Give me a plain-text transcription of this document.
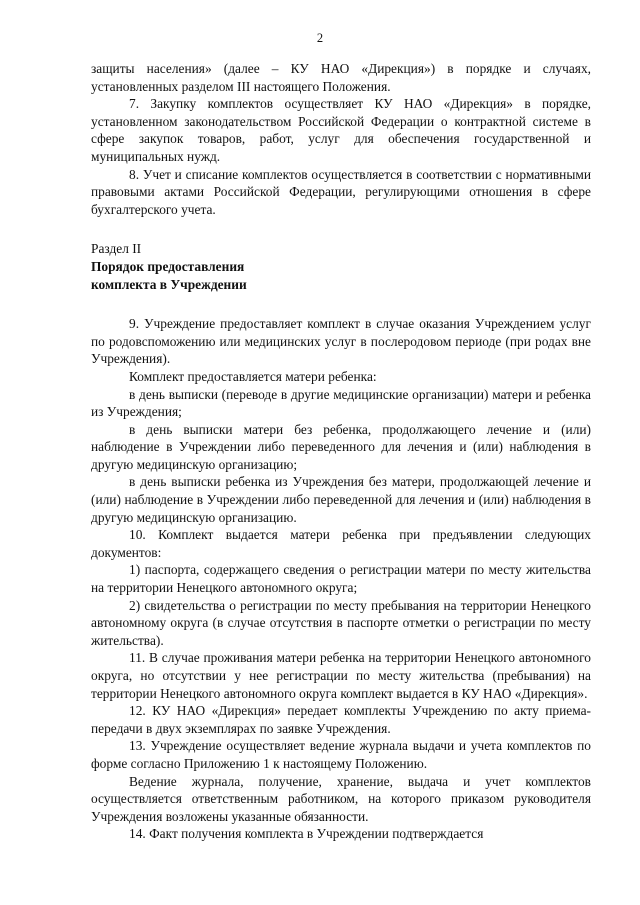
2

защиты населения» (далее – КУ НАО «Дирекция») в порядке и случаях, установленных разделом III настоящего Положения.

7. Закупку комплектов осуществляет КУ НАО «Дирекция» в порядке, установленном законодательством Российской Федерации о контрактной системе в сфере закупок товаров, работ, услуг для обеспечения государственной и муниципальных нужд.

8. Учет и списание комплектов осуществляется в соответствии с нормативными правовыми актами Российской Федерации, регулирующими отношения в сфере бухгалтерского учета.

Раздел II

Порядок предоставления

комплекта в Учреждении

9. Учреждение предоставляет комплект в случае оказания Учреждением услуг по родовспоможению или медицинских услуг в послеродовом периоде (при родах вне Учреждения).

Комплект предоставляется матери ребенка:

в день выписки (переводе в другие медицинские организации) матери и ребенка из Учреждения;

в день выписки матери без ребенка, продолжающего лечение и (или) наблюдение в Учреждении либо переведенного для лечения и (или) наблюдения в другую медицинскую организацию;

в день выписки ребенка из Учреждения без матери, продолжающей лечение и (или) наблюдение в Учреждении либо переведенной для лечения и (или) наблюдения в другую медицинскую организацию.

10. Комплект выдается матери ребенка при предъявлении следующих документов:

1) паспорта, содержащего сведения о регистрации матери по месту жительства на территории Ненецкого автономного округа;

2) свидетельства о регистрации по месту пребывания на территории Ненецкого автономному округа (в случае отсутствия в паспорте отметки о регистрации по месту жительства).

11. В случае проживания матери ребенка на территории Ненецкого автономного округа, но отсутствии у нее регистрации по месту жительства (пребывания) на территории Ненецкого автономного округа комплект выдается в КУ НАО «Дирекция».

12. КУ НАО «Дирекция» передает комплекты Учреждению по акту приема-передачи в двух экземплярах по заявке Учреждения.

13. Учреждение осуществляет ведение журнала выдачи и учета комплектов по форме согласно Приложению 1 к настоящему Положению.

Ведение журнала, получение, хранение, выдача и учет комплектов осуществляется ответственным работником, на которого приказом руководителя Учреждения возложены указанные обязанности.

14. Факт получения комплекта в Учреждении подтверждается
